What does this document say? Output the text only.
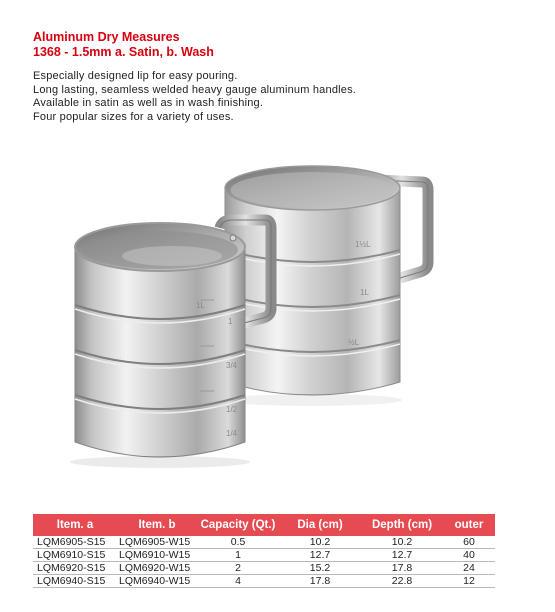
Aluminum Dry Measures
1368 - 1.5mm a. Satin, b. Wash

Especially designed lip for easy pouring.
Long lasting, seamless welded heavy gauge aluminum handles.
Available in satin as well as in wash finishing.
Four popular sizes for a variety of uses.

1½L
1L
½L
1L
1
3/4
1/2
1/4
Item. a	Item. b	Capacity (Qt.)	Dia (cm)	Depth (cm)	outer
LQM6905-S15	LQM6905-W15	0.5	10.2	10.2	60
LQM6910-S15	LQM6910-W15	1	12.7	12.7	40
LQM6920-S15	LQM6920-W15	2	15.2	17.8	24
LQM6940-S15	LQM6940-W15	4	17.8	22.8	12
